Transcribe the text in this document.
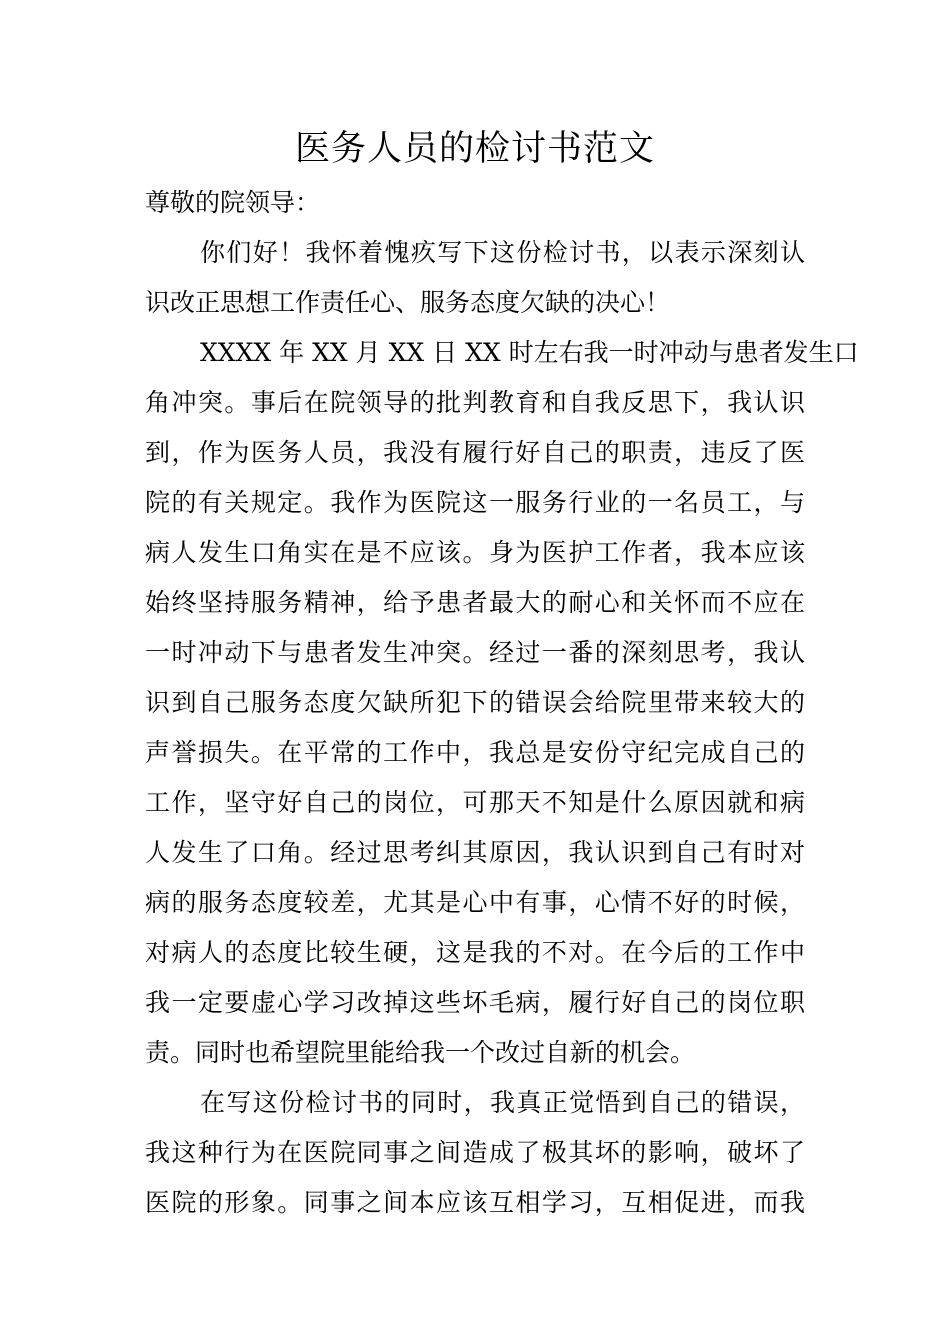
医务人员的检讨书范文
尊敬的院领导：
你们好！我怀着愧疚写下这份检讨书，以表示深刻认
识改正思想工作责任心、服务态度欠缺的决心！
XXXX 年 XX 月 XX 日 XX 时左右我一时冲动与患者发生口
角冲突。事后在院领导的批判教育和自我反思下，我认识
到，作为医务人员，我没有履行好自己的职责，违反了医
院的有关规定。我作为医院这一服务行业的一名员工，与
病人发生口角实在是不应该。身为医护工作者，我本应该
始终坚持服务精神，给予患者最大的耐心和关怀而不应在
一时冲动下与患者发生冲突。经过一番的深刻思考，我认
识到自己服务态度欠缺所犯下的错误会给院里带来较大的
声誉损失。在平常的工作中，我总是安份守纪完成自己的
工作，坚守好自己的岗位，可那天不知是什么原因就和病
人发生了口角。经过思考纠其原因，我认识到自己有时对
病的服务态度较差，尤其是心中有事，心情不好的时候，
对病人的态度比较生硬，这是我的不对。在今后的工作中
我一定要虚心学习改掉这些坏毛病，履行好自己的岗位职
责。同时也希望院里能给我一个改过自新的机会。
在写这份检讨书的同时，我真正觉悟到自己的错误，
我这种行为在医院同事之间造成了极其坏的影响，破坏了
医院的形象。同事之间本应该互相学习，互相促进，而我
